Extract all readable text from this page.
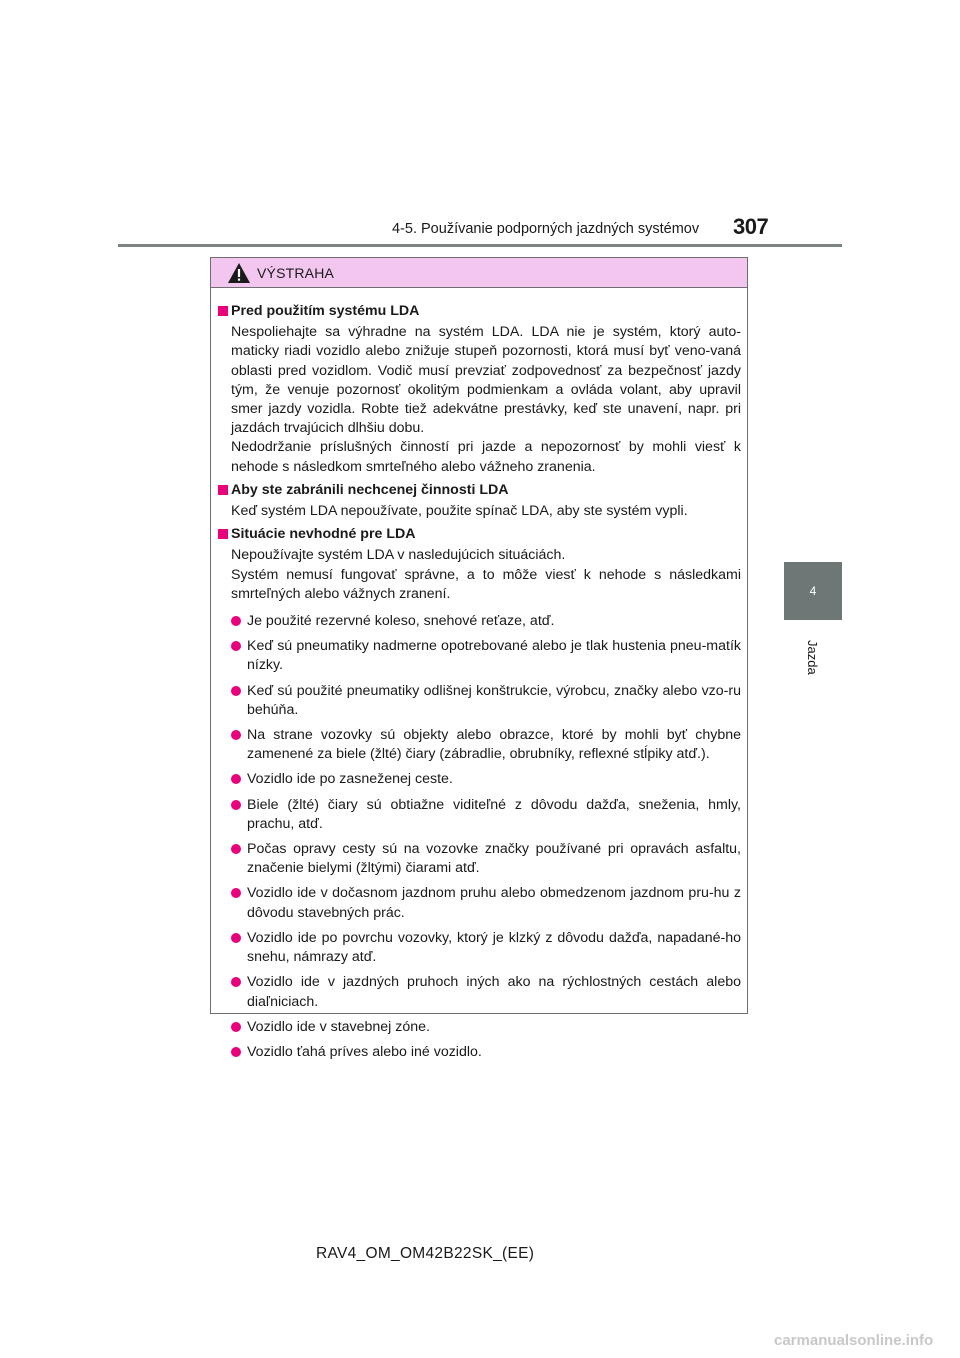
4-5. Používanie podporných jazdných systémov 307
4
Jazda
VÝSTRAHA
Pred použitím systému LDA
Nespoliehajte sa výhradne na systém LDA. LDA nie je systém, ktorý auto-maticky riadi vozidlo alebo znižuje stupeň pozornosti, ktorá musí byť veno-vaná oblasti pred vozidlom. Vodič musí prevziať zodpovednosť za bezpečnosť jazdy tým, že venuje pozornosť okolitým podmienkam a ovláda volant, aby upravil smer jazdy vozidla. Robte tiež adekvátne prestávky, keď ste unavení, napr. pri jazdách trvajúcich dlhšiu dobu.
Nedodržanie príslušných činností pri jazde a nepozornosť by mohli viesť k nehode s následkom smrteľného alebo vážneho zranenia.
Aby ste zabránili nechcenej činnosti LDA
Keď systém LDA nepoužívate, použite spínač LDA, aby ste systém vypli.
Situácie nevhodné pre LDA
Nepoužívajte systém LDA v nasledujúcich situáciách.
Systém nemusí fungovať správne, a to môže viesť k nehode s následkami smrteľných alebo vážnych zranení.
Je použité rezervné koleso, snehové reťaze, atď.
Keď sú pneumatiky nadmerne opotrebované alebo je tlak hustenia pneu-matík nízky.
Keď sú použité pneumatiky odlišnej konštrukcie, výrobcu, značky alebo vzo-ru behúňa.
Na strane vozovky sú objekty alebo obrazce, ktoré by mohli byť chybne zamenené za biele (žlté) čiary (zábradlie, obrubníky, reflexné stĺpiky atď.).
Vozidlo ide po zasneženej ceste.
Biele (žlté) čiary sú obtiažne viditeľné z dôvodu dažďa, sneženia, hmly, prachu, atď.
Počas opravy cesty sú na vozovke značky používané pri opravách asfaltu, značenie bielymi (žltými) čiarami atď.
Vozidlo ide v dočasnom jazdnom pruhu alebo obmedzenom jazdnom pru-hu z dôvodu stavebných prác.
Vozidlo ide po povrchu vozovky, ktorý je klzký z dôvodu dažďa, napadané-ho snehu, námrazy atď.
Vozidlo ide v jazdných pruhoch iných ako na rýchlostných cestách alebo diaľniciach.
Vozidlo ide v stavebnej zóne.
Vozidlo ťahá príves alebo iné vozidlo.
RAV4_OM_OM42B22SK_(EE)
carmanualsonline.info
